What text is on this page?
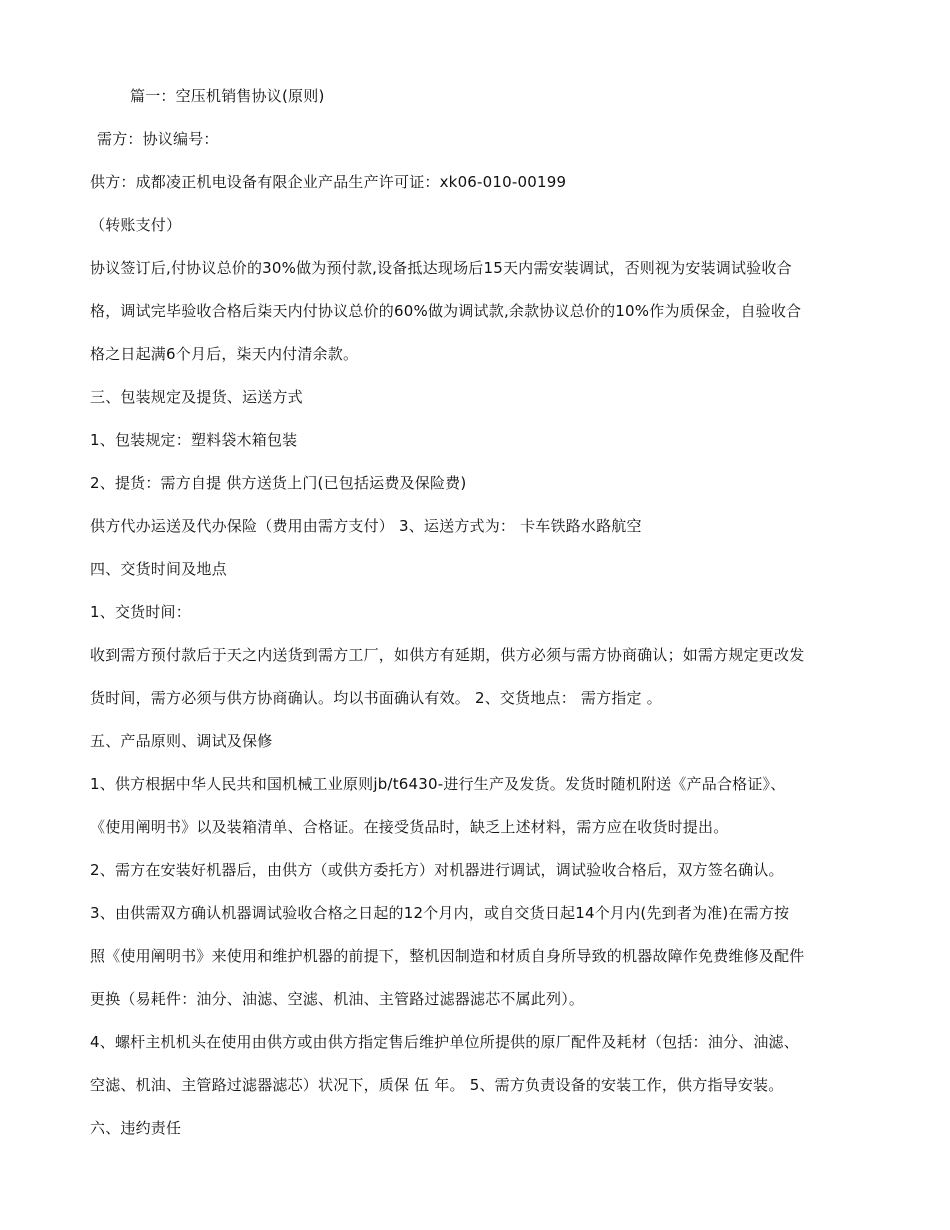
篇一：空压机销售协议(原则)
需方：协议编号：
供方：成都凌正机电设备有限企业产品生产许可证：xk06-010-00199
（转账支付）
协议签订后,付协议总价的30%做为预付款,设备抵达现场后15天内需安装调试，否则视为安装调试验收合
格，调试完毕验收合格后柒天内付协议总价的60%做为调试款,余款协议总价的10%作为质保金，自验收合
格之日起满6个月后，柒天内付清余款。
三、包装规定及提货、运送方式
1、包装规定：塑料袋木箱包装
2、提货：需方自提 供方送货上门(已包括运费及保险费)
供方代办运送及代办保险（费用由需方支付） 3、运送方式为： 卡车铁路水路航空
四、交货时间及地点
1、交货时间：
收到需方预付款后于天之内送货到需方工厂，如供方有延期，供方必须与需方协商确认；如需方规定更改发
货时间，需方必须与供方协商确认。均以书面确认有效。 2、交货地点： 需方指定 。
五、产品原则、调试及保修
1、供方根据中华人民共和国机械工业原则jb/t6430-进行生产及发货。发货时随机附送《产品合格证》、
《使用阐明书》以及装箱清单、合格证。在接受货品时，缺乏上述材料，需方应在收货时提出。
2、需方在安装好机器后，由供方（或供方委托方）对机器进行调试，调试验收合格后，双方签名确认。
3、由供需双方确认机器调试验收合格之日起的12个月内，或自交货日起14个月内(先到者为准)在需方按
照《使用阐明书》来使用和维护机器的前提下，整机因制造和材质自身所导致的机器故障作免费维修及配件
更换（易耗件：油分、油滤、空滤、机油、主管路过滤器滤芯不属此列）。
4、螺杆主机机头在使用由供方或由供方指定售后维护单位所提供的原厂配件及耗材（包括：油分、油滤、
空滤、机油、主管路过滤器滤芯）状况下，质保 伍 年。 5、需方负责设备的安装工作，供方指导安装。
六、违约责任
